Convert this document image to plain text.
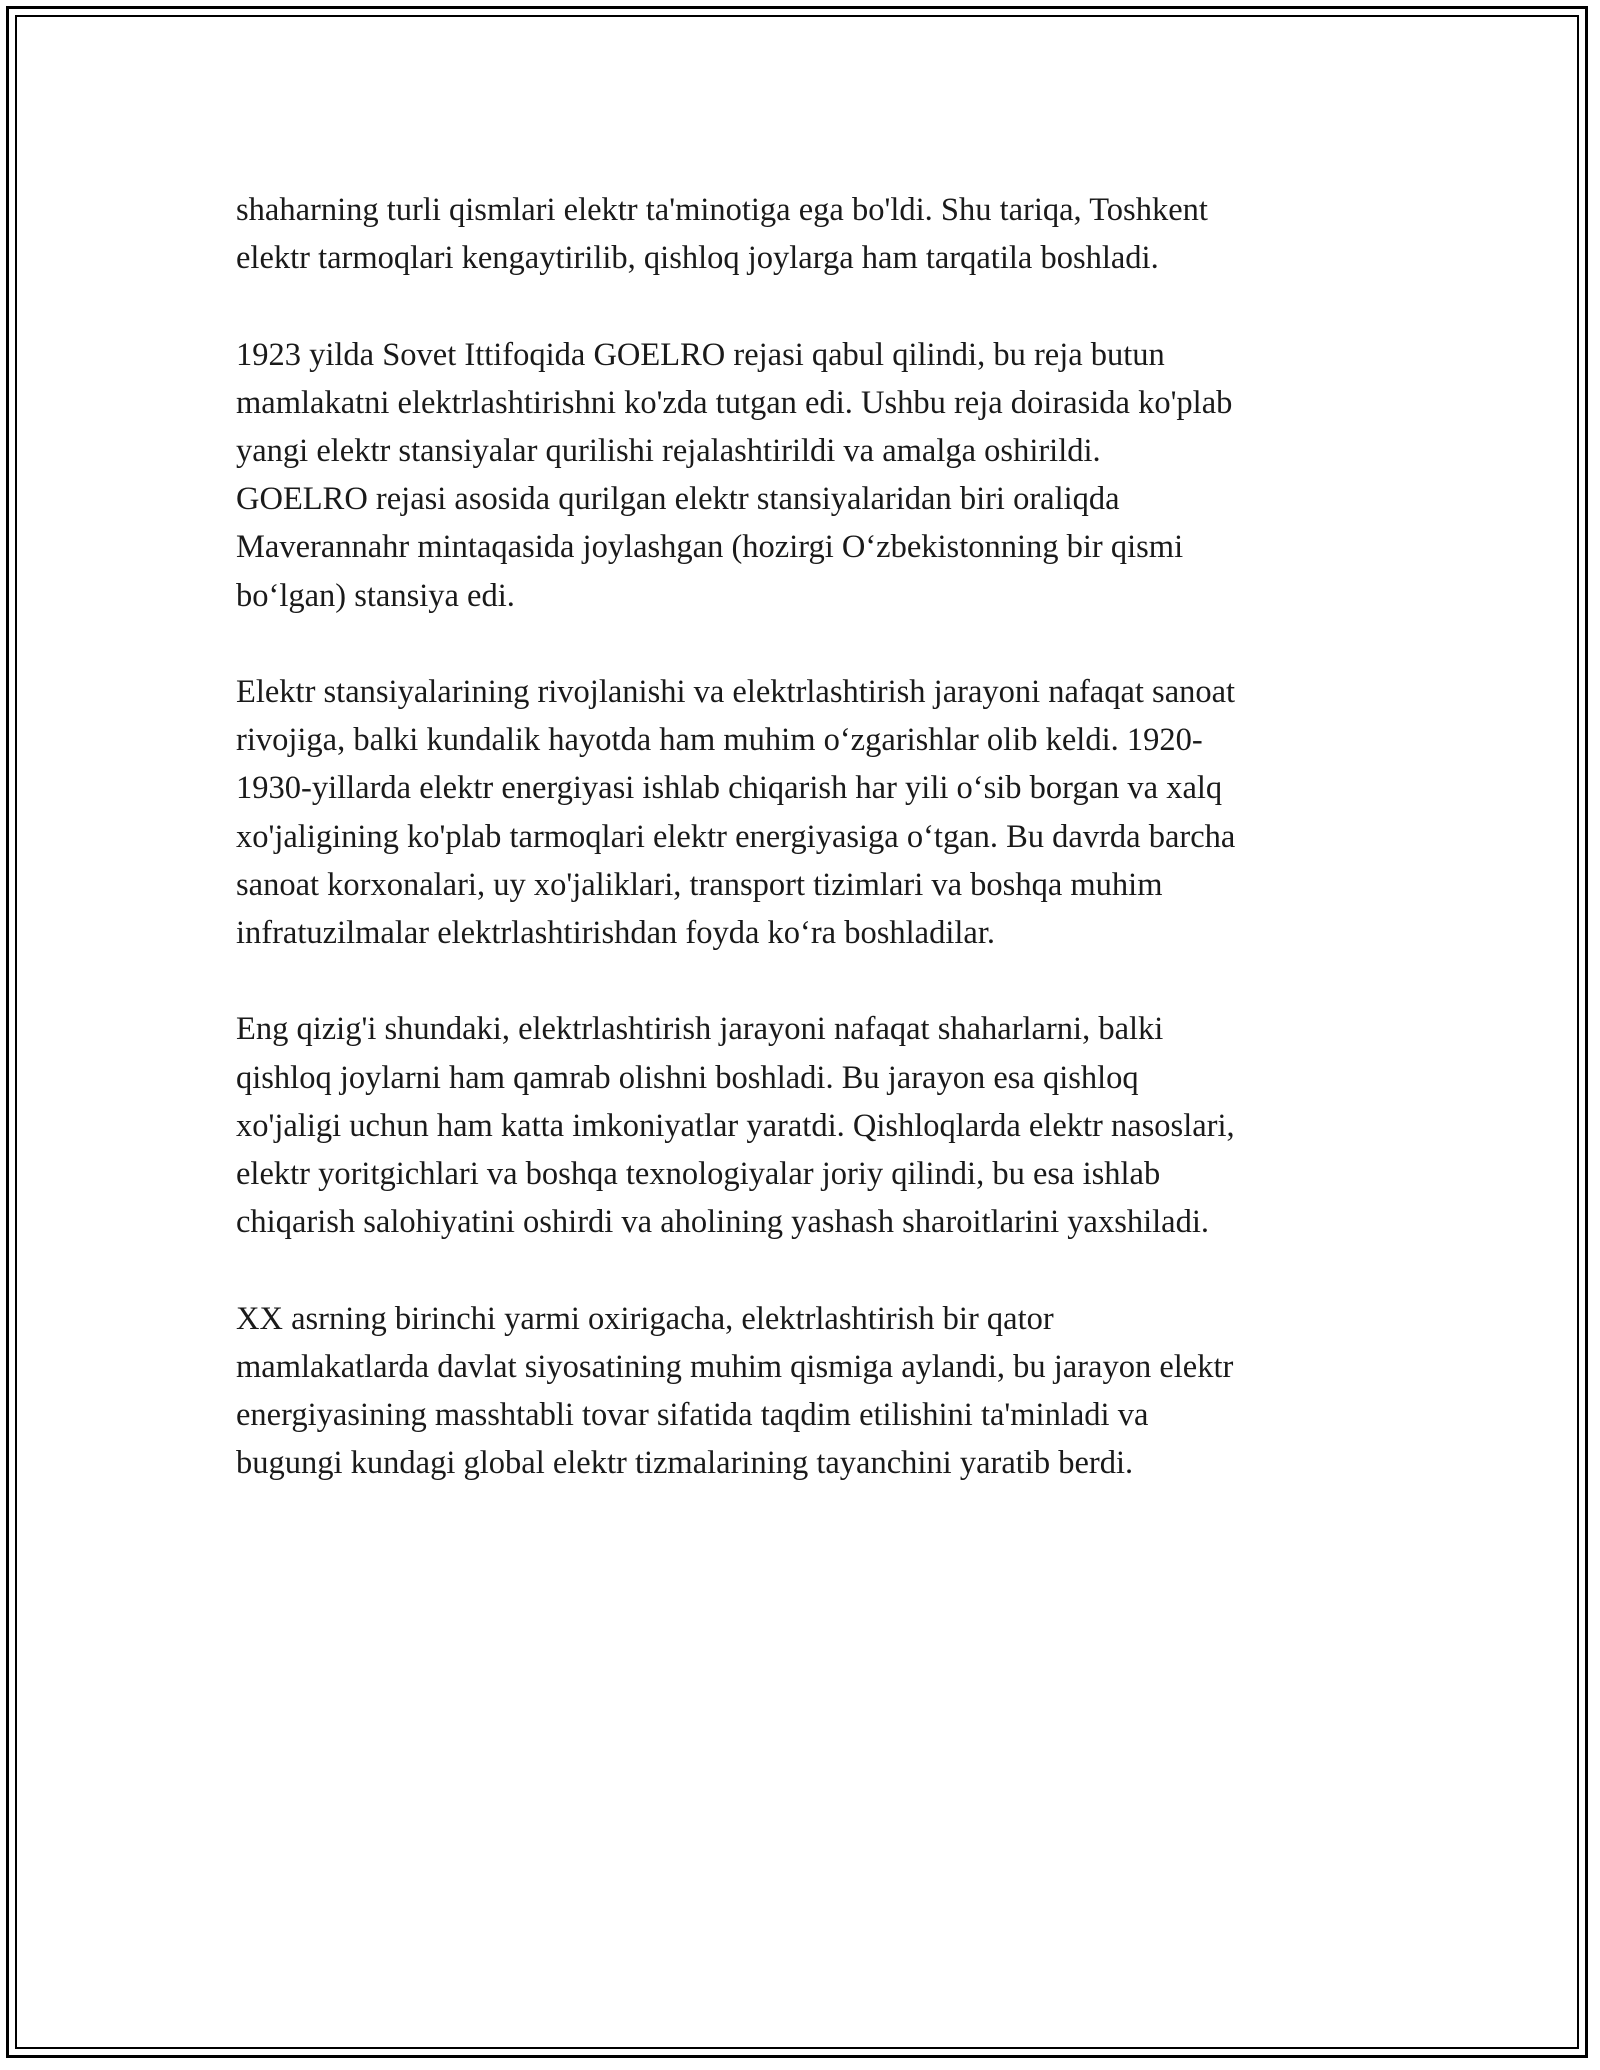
shaharning turli qismlari elektr ta'minotiga ega bo'ldi. Shu tariqa, Toshkent
elektr tarmoqlari kengaytirilib, qishloq joylarga ham tarqatila boshladi.

1923 yilda Sovet Ittifoqida GOELRO rejasi qabul qilindi, bu reja butun
mamlakatni elektrlashtirishni ko'zda tutgan edi. Ushbu reja doirasida ko'plab
yangi elektr stansiyalar qurilishi rejalashtirildi va amalga oshirildi.
GOELRO rejasi asosida qurilgan elektr stansiyalaridan biri oraliqda
Maverannahr mintaqasida joylashgan (hozirgi O‘zbekistonning bir qismi
bo‘lgan) stansiya edi.

Elektr stansiyalarining rivojlanishi va elektrlashtirish jarayoni nafaqat sanoat
rivojiga, balki kundalik hayotda ham muhim o‘zgarishlar olib keldi. 1920-
1930-yillarda elektr energiyasi ishlab chiqarish har yili o‘sib borgan va xalq
xo'jaligining ko'plab tarmoqlari elektr energiyasiga o‘tgan. Bu davrda barcha
sanoat korxonalari, uy xo'jaliklari, transport tizimlari va boshqa muhim
infratuzilmalar elektrlashtirishdan foyda ko‘ra boshladilar.

Eng qizig'i shundaki, elektrlashtirish jarayoni nafaqat shaharlarni, balki
qishloq joylarni ham qamrab olishni boshladi. Bu jarayon esa qishloq
xo'jaligi uchun ham katta imkoniyatlar yaratdi. Qishloqlarda elektr nasoslari,
elektr yoritgichlari va boshqa texnologiyalar joriy qilindi, bu esa ishlab
chiqarish salohiyatini oshirdi va aholining yashash sharoitlarini yaxshiladi.

XX asrning birinchi yarmi oxirigacha, elektrlashtirish bir qator
mamlakatlarda davlat siyosatining muhim qismiga aylandi, bu jarayon elektr
energiyasining masshtabli tovar sifatida taqdim etilishini ta'minladi va
bugungi kundagi global elektr tizmalarining tayanchini yaratib berdi.
